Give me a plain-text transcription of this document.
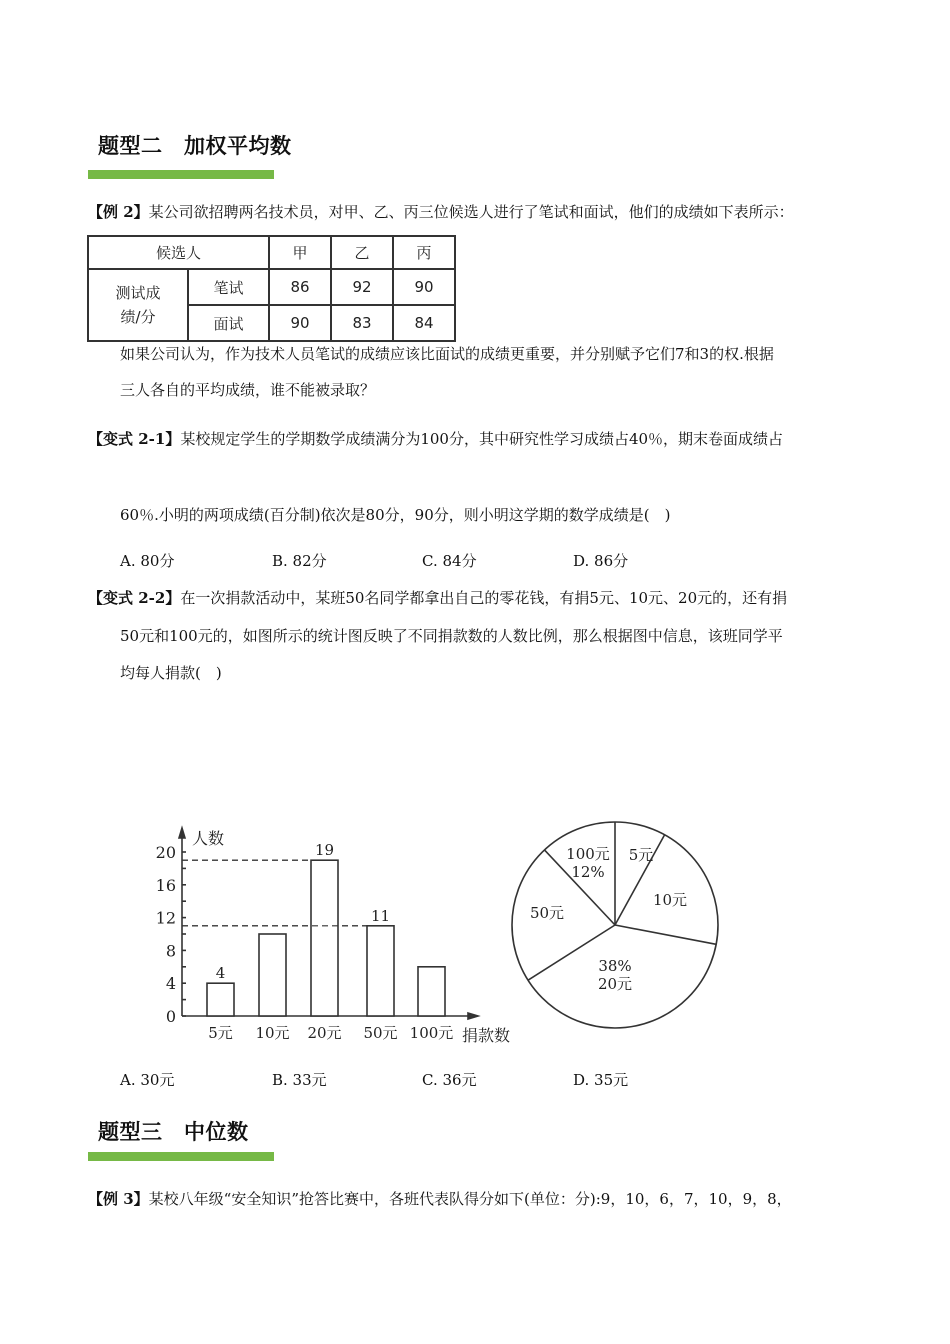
题型二　加权平均数
【例 2】某公司欲招聘两名技术员，对甲、乙、丙三位候选人进行了笔试和面试，他们的成绩如下表所示：
候选人		甲	乙	丙

测试成
绩/分	笔试	86	92	90
	面试	90	83	84
如果公司认为，作为技术人员笔试的成绩应该比面试的成绩更重要，并分别赋予它们7和3的权.根据
三人各自的平均成绩，谁不能被录取？
【变式 2-1】某校规定学生的学期数学成绩满分为100分，其中研究性学习成绩占40％，期末卷面成绩占
60％.小明的两项成绩(百分制)依次是80分，90分，则小明这学期的数学成绩是(　)
A. 80分	B. 82分	C. 84分	D. 86分
【变式 2-2】在一次捐款活动中，某班50名同学都拿出自己的零花钱，有捐5元、10元、20元的，还有捐
50元和100元的，如图所示的统计图反映了不同捐款数的人数比例，那么根据图中信息，该班同学平
均每人捐款(　)
0
4
8
12
16
20
人数
5元
4
10元 20元
19
50元
11
100元 捐款数
5元
10元
38%
20元
50元
100元
12%
A. 30元	B. 33元	C. 36元	D. 35元
题型三　中位数
【例 3】某校八年级“安全知识”抢答比赛中，各班代表队得分如下(单位：分):9，10，6，7，10，9，8，
